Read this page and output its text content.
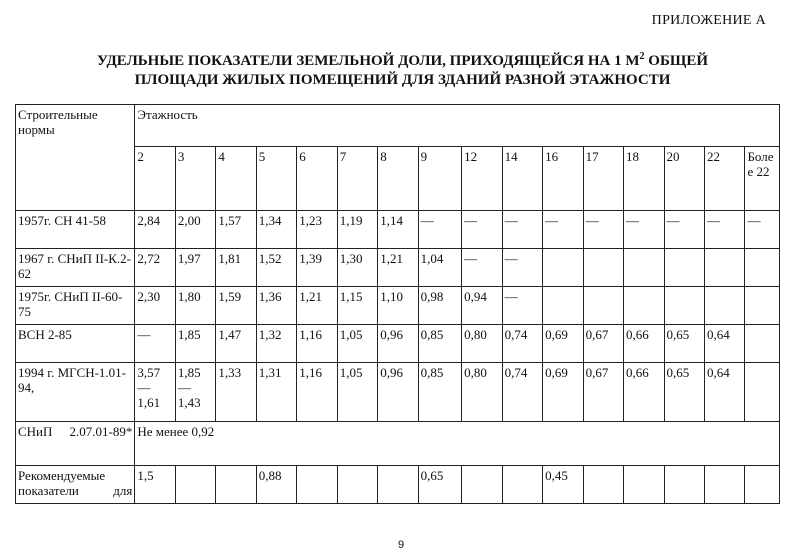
ПРИЛОЖЕНИЕ А
УДЕЛЬНЫЕ ПОКАЗАТЕЛИ ЗЕМЕЛЬНОЙ ДОЛИ, ПРИХОДЯЩЕЙСЯ НА 1 $М^2$ ОБЩЕЙ
ПЛОЩАДИ ЖИЛЫХ ПОМЕЩЕНИЙ ДЛЯ ЗДАНИЙ РАЗНОЙ ЭТАЖНОСТИ
Строительные нормы	Этажность															
	2	3	4	5	6	7	8	9	12	14	16	17	18	20	22	Более 22
1957г. СН 41-58	2,84	2,00	1,57	1,34	1,23	1,19	1,14	—	—	—	—	—	—	—	—	—
1967 г. СНиП II-К.2-62	2,72	1,97	1,81	1,52	1,39	1,30	1,21	1,04	—	—						
1975г. СНиП II-60-75	2,30	1,80	1,59	1,36	1,21	1,15	1,10	0,98	0,94	—						
ВСН 2-85	—	1,85	1,47	1,32	1,16	1,05	0,96	0,85	0,80	0,74	0,69	0,67	0,66	0,65	0,64	
1994 г. МГСН-1.01-94,	3,57 — 1,61	1,85 — 1,43	1,33	1,31	1,16	1,05	0,96	0,85	0,80	0,74	0,69	0,67	0,66	0,65	0,64	

СНиП 2.07.01-89*	Не менее 0,92															

Рекомендуемые показатели для	1,5			0,88				0,65			0,45					
9
